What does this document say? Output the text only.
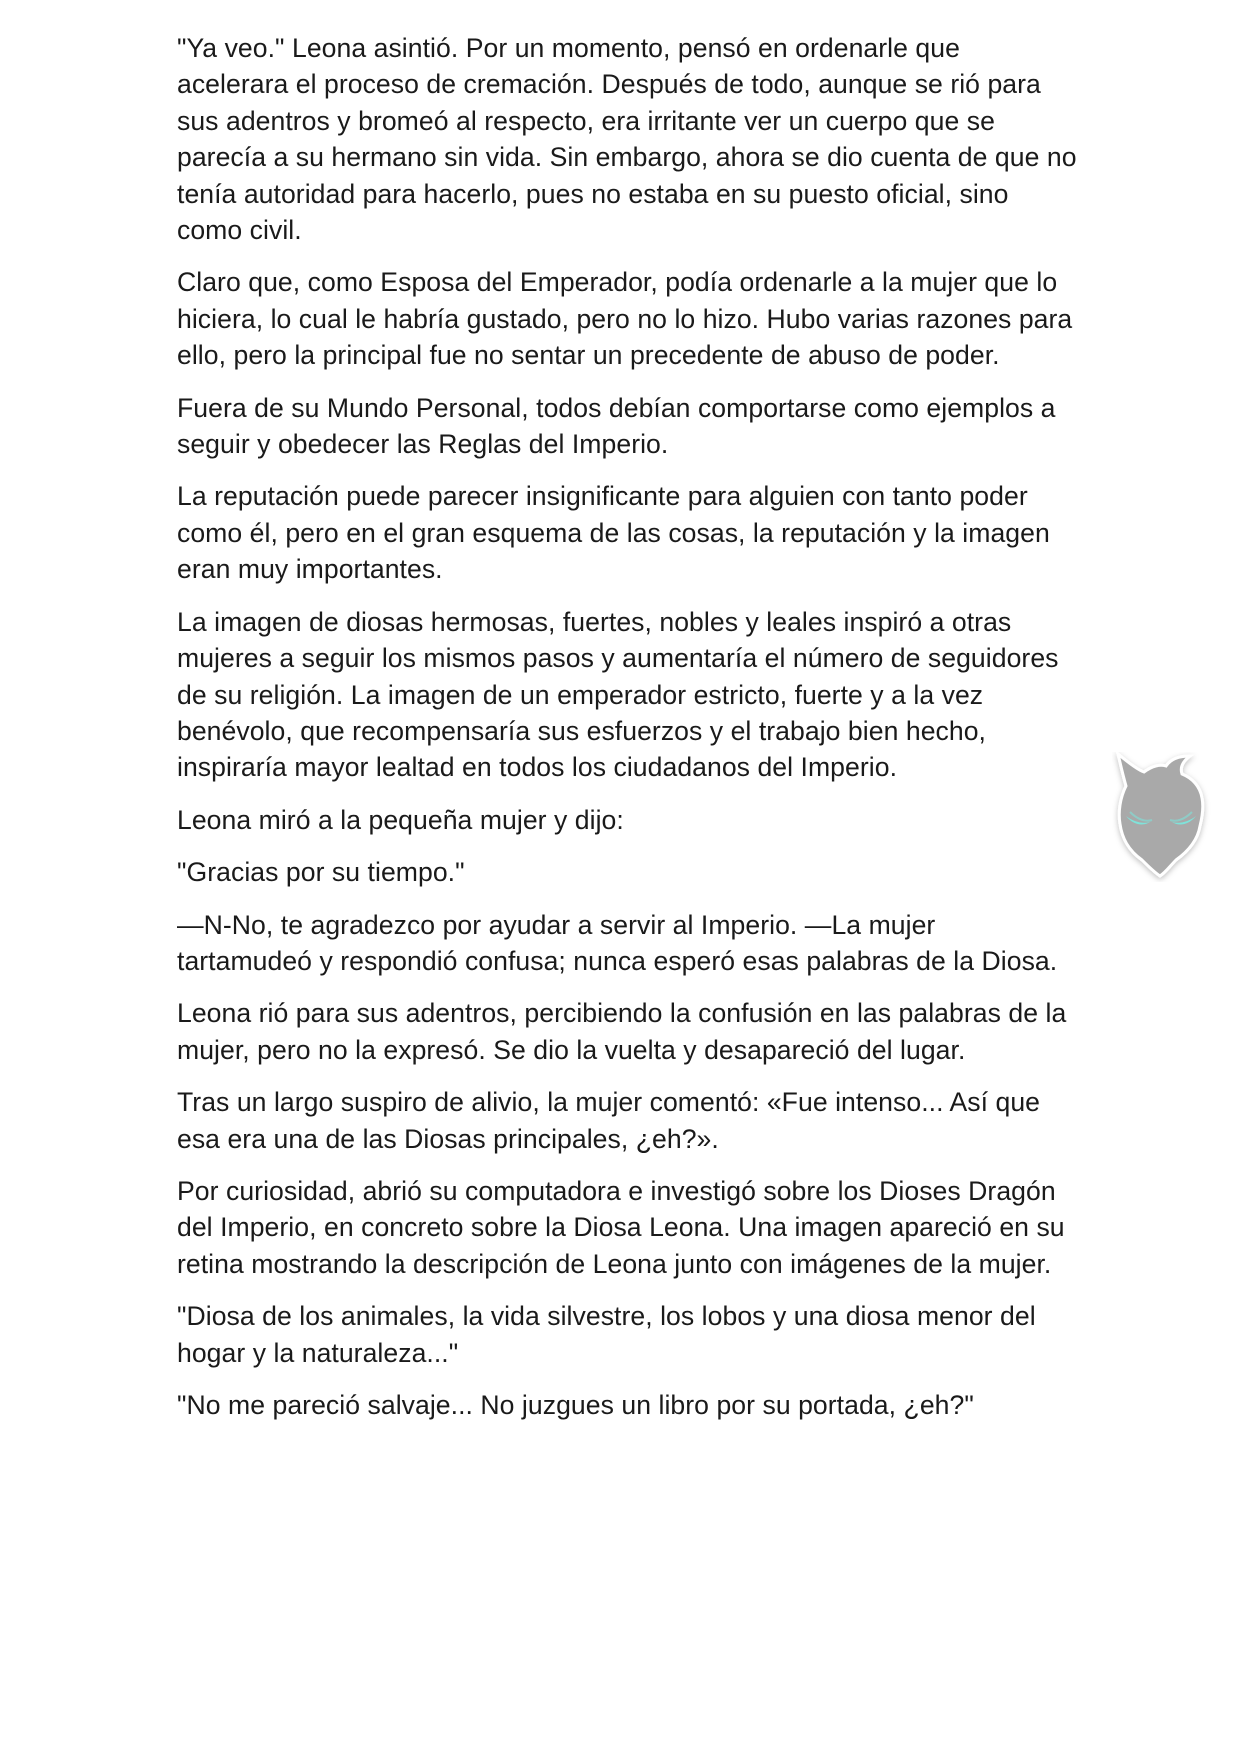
"Ya veo." Leona asintió. Por un momento, pensó en ordenarle que acelerara el proceso de cremación. Después de todo, aunque se rió para sus adentros y bromeó al respecto, era irritante ver un cuerpo que se parecía a su hermano sin vida. Sin embargo, ahora se dio cuenta de que no tenía autoridad para hacerlo, pues no estaba en su puesto oficial, sino como civil.

Claro que, como Esposa del Emperador, podía ordenarle a la mujer que lo hiciera, lo cual le habría gustado, pero no lo hizo. Hubo varias razones para ello, pero la principal fue no sentar un precedente de abuso de poder.

Fuera de su Mundo Personal, todos debían comportarse como ejemplos a seguir y obedecer las Reglas del Imperio.

La reputación puede parecer insignificante para alguien con tanto poder como él, pero en el gran esquema de las cosas, la reputación y la imagen eran muy importantes.

La imagen de diosas hermosas, fuertes, nobles y leales inspiró a otras mujeres a seguir los mismos pasos y aumentaría el número de seguidores de su religión. La imagen de un emperador estricto, fuerte y a la vez benévolo, que recompensaría sus esfuerzos y el trabajo bien hecho, inspiraría mayor lealtad en todos los ciudadanos del Imperio.

Leona miró a la pequeña mujer y dijo:

"Gracias por su tiempo."

—N-No, te agradezco por ayudar a servir al Imperio. —La mujer tartamudeó y respondió confusa; nunca esperó esas palabras de la Diosa.

Leona rió para sus adentros, percibiendo la confusión en las palabras de la mujer, pero no la expresó. Se dio la vuelta y desapareció del lugar.

Tras un largo suspiro de alivio, la mujer comentó: «Fue intenso... Así que esa era una de las Diosas principales, ¿eh?».

Por curiosidad, abrió su computadora e investigó sobre los Dioses Dragón del Imperio, en concreto sobre la Diosa Leona. Una imagen apareció en su retina mostrando la descripción de Leona junto con imágenes de la mujer.

"Diosa de los animales, la vida silvestre, los lobos y una diosa menor del hogar y la naturaleza..."

"No me pareció salvaje... No juzgues un libro por su portada, ¿eh?"
